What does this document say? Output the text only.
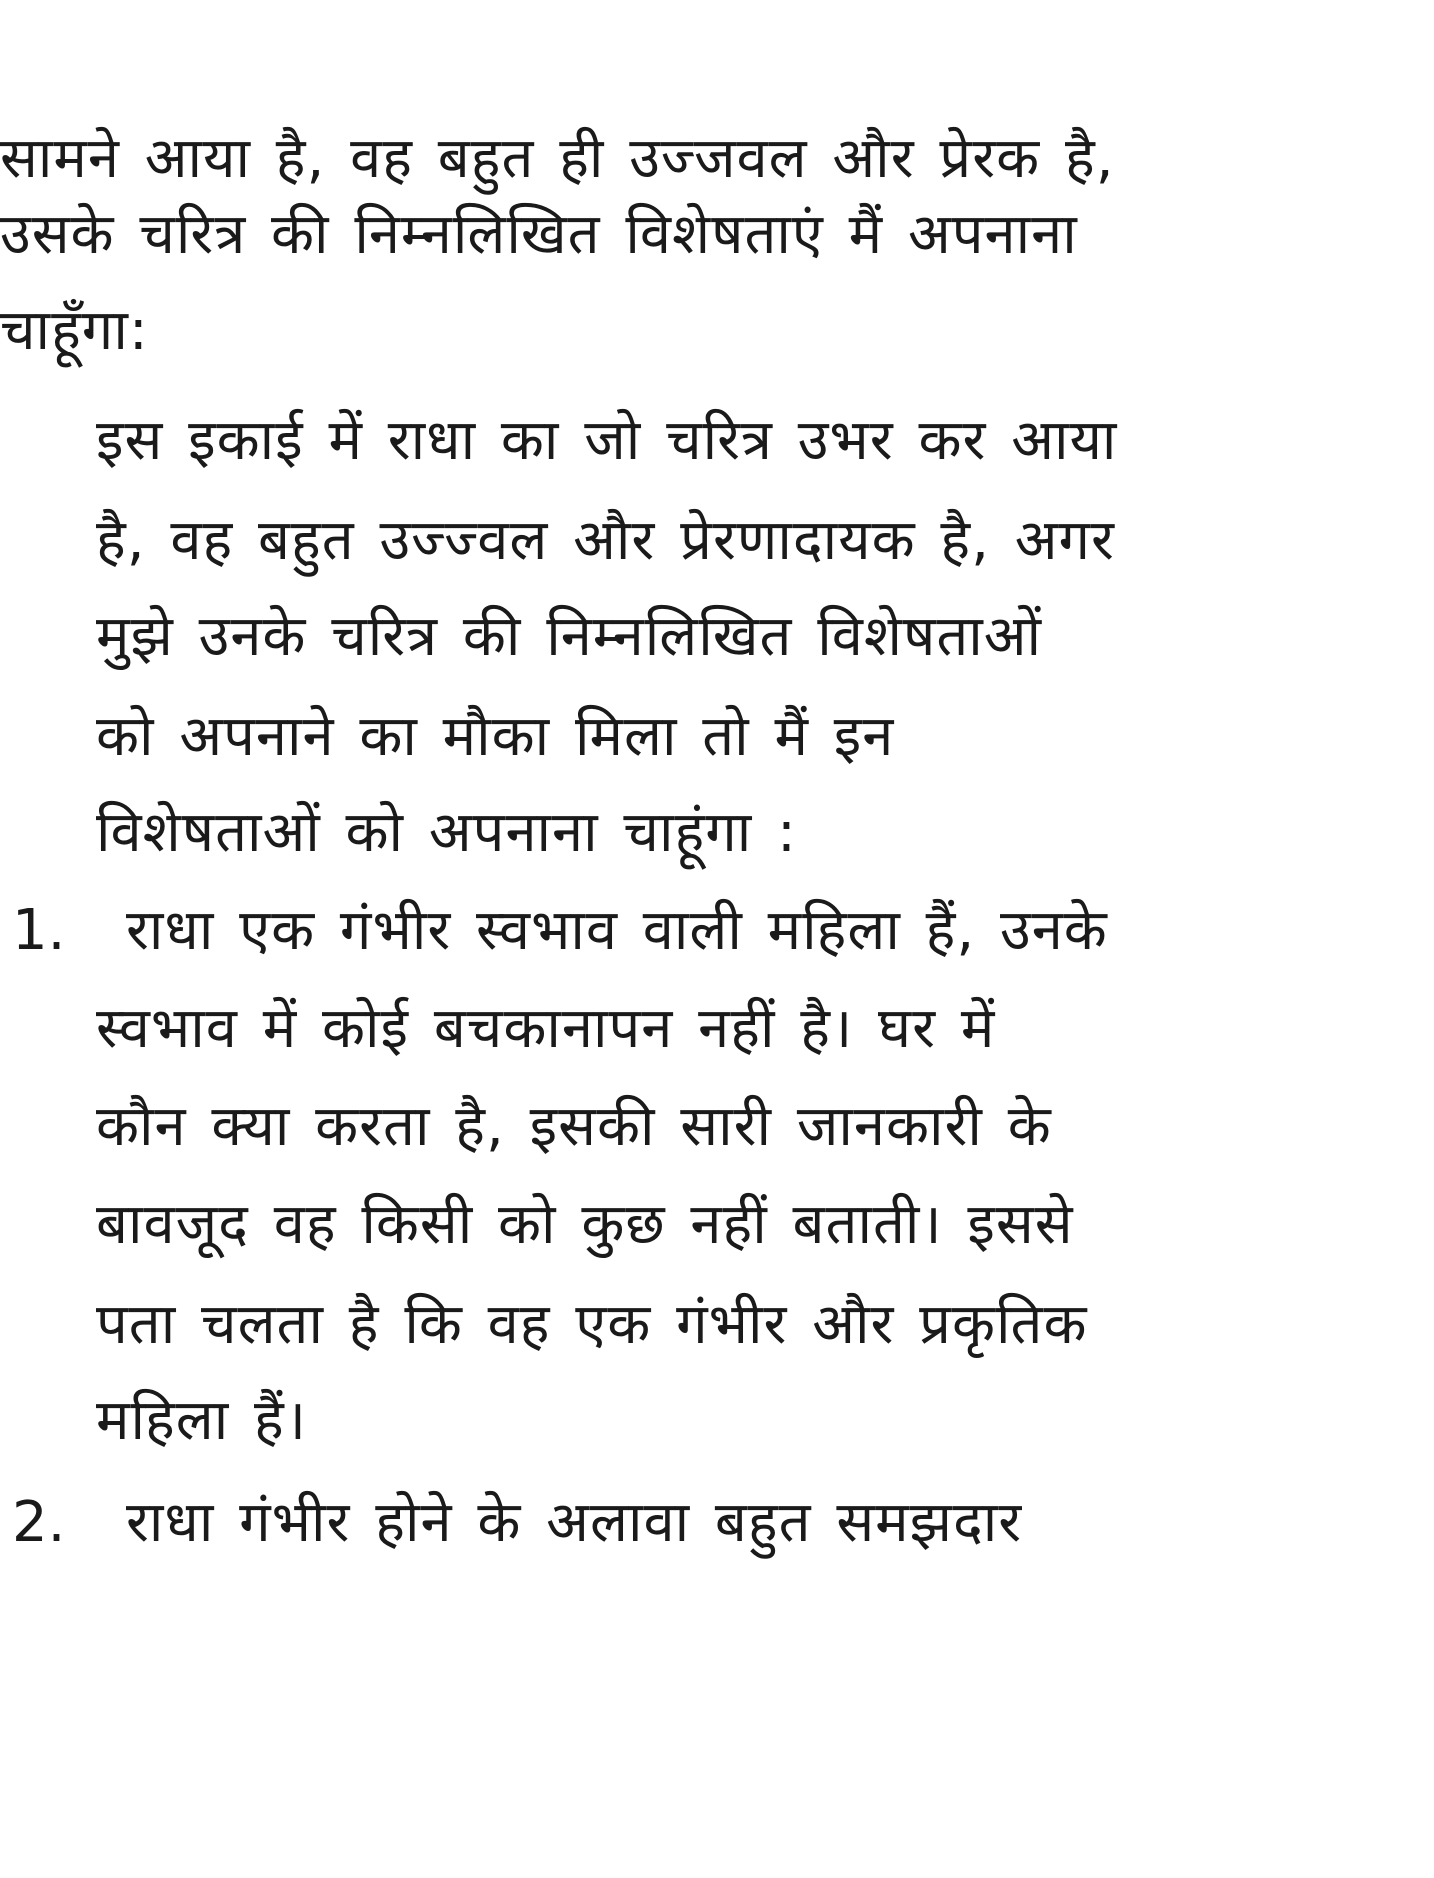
सामने आया है, वह बहुत ही उज्जवल और प्रेरक है,
उसके चरित्र की निम्नलिखित विशेषताएं मैं अपनाना
चाहूँगा:
इस इकाई में राधा का जो चरित्र उभर कर आया
है, वह बहुत उज्ज्वल और प्रेरणादायक है, अगर
मुझे उनके चरित्र की निम्नलिखित विशेषताओं
को अपनाने का मौका मिला तो मैं इन
विशेषताओं को अपनाना चाहूंगा :
1. राधा एक गंभीर स्वभाव वाली महिला हैं, उनके
स्वभाव में कोई बचकानापन नहीं है। घर में
कौन क्या करता है, इसकी सारी जानकारी के
बावजूद वह किसी को कुछ नहीं बताती। इससे
पता चलता है कि वह एक गंभीर और प्रकृतिक
महिला हैं।
2. राधा गंभीर होने के अलावा बहुत समझदार
